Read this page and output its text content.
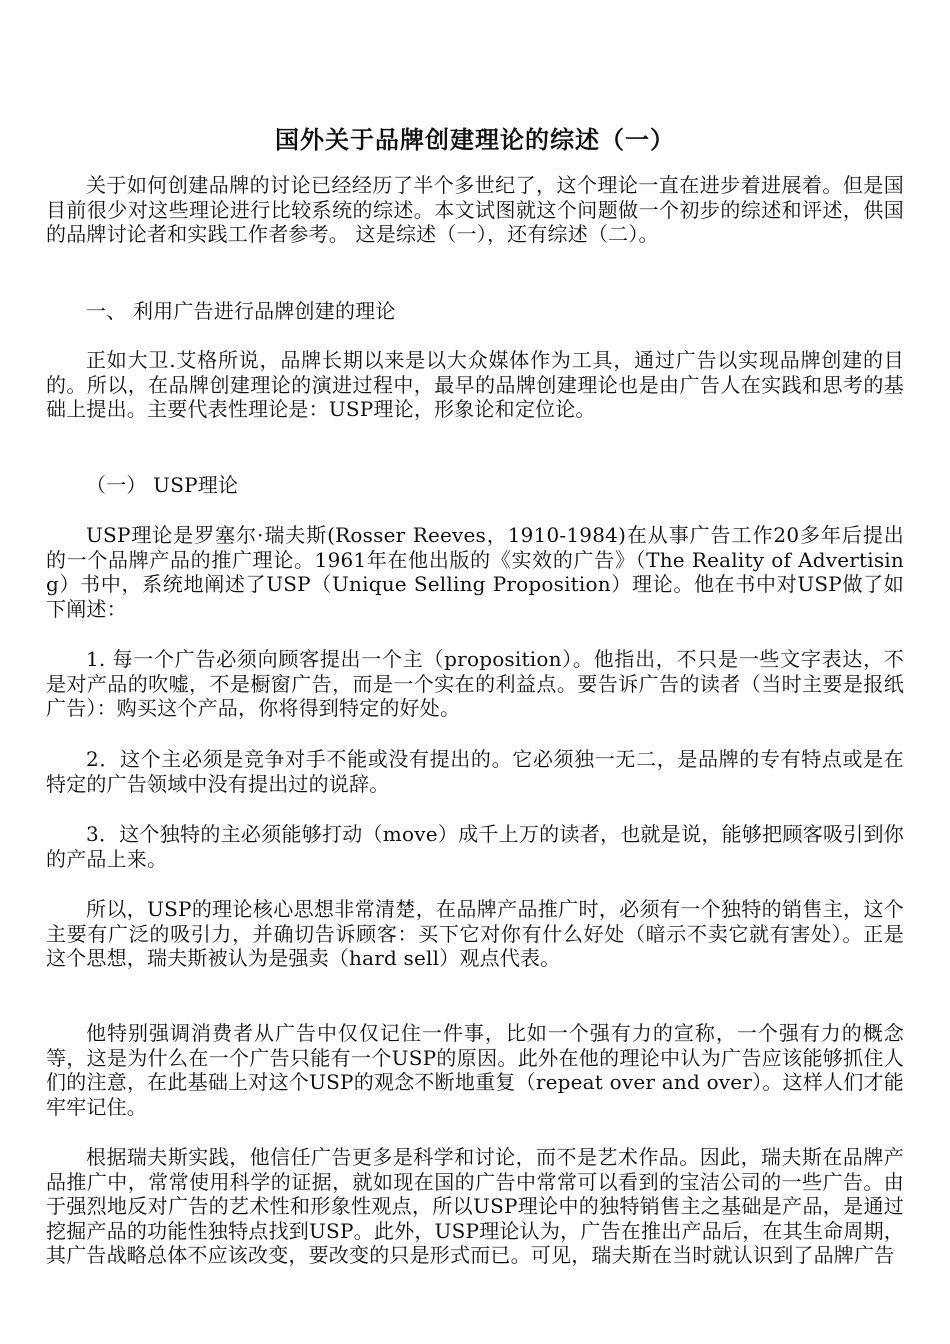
国外关于品牌创建理论的综述（一）

关于如何创建品牌的讨论已经经历了半个多世纪了，这个理论一直在进步着进展着。但是国目前很少对这些理论进行比较系统的综述。本文试图就这个问题做一个初步的综述和评述，供国的品牌讨论者和实践工作者参考。 这是综述（一），还有综述（二）。

一、 利用广告进行品牌创建的理论

正如大卫.艾格所说，品牌长期以来是以大众媒体作为工具，通过广告以实现品牌创建的目的。所以，在品牌创建理论的演进过程中，最早的品牌创建理论也是由广告人在实践和思考的基础上提出。主要代表性理论是：USP理论，形象论和定位论。

（一） USP理论

USP理论是罗塞尔·瑞夫斯(Rosser Reeves，1910-1984)在从事广告工作20多年后提出的一个品牌产品的推广理论。1961年在他出版的《实效的广告》（The Reality of Advertising）书中，系统地阐述了USP（Unique Selling Proposition）理论。他在书中对USP做了如下阐述：

1. 每一个广告必须向顾客提出一个主（proposition）。他指出，不只是一些文字表达，不是对产品的吹嘘，不是橱窗广告，而是一个实在的利益点。要告诉广告的读者（当时主要是报纸广告）：购买这个产品，你将得到特定的好处。

2．这个主必须是竞争对手不能或没有提出的。它必须独一无二，是品牌的专有特点或是在特定的广告领域中没有提出过的说辞。

3．这个独特的主必须能够打动（move）成千上万的读者，也就是说，能够把顾客吸引到你的产品上来。

所以，USP的理论核心思想非常清楚，在品牌产品推广时，必须有一个独特的销售主，这个主要有广泛的吸引力，并确切告诉顾客：买下它对你有什么好处（暗示不卖它就有害处）。正是这个思想，瑞夫斯被认为是强卖（hard sell）观点代表。

他特别强调消费者从广告中仅仅记住一件事，比如一个强有力的宣称，一个强有力的概念等，这是为什么在一个广告只能有一个USP的原因。此外在他的理论中认为广告应该能够抓住人们的注意，在此基础上对这个USP的观念不断地重复（repeat over and over）。这样人们才能牢牢记住。

根据瑞夫斯实践，他信任广告更多是科学和讨论，而不是艺术作品。因此，瑞夫斯在品牌产品推广中，常常使用科学的证据，就如现在国的广告中常常可以看到的宝洁公司的一些广告。由于强烈地反对广告的艺术性和形象性观点，所以USP理论中的独特销售主之基础是产品，是通过挖掘产品的功能性独特点找到USP。此外，USP理论认为，广告在推出产品后，在其生命周期，其广告战略总体不应该改变，要改变的只是形式而已。可见，瑞夫斯在当时就认识到了品牌广告
